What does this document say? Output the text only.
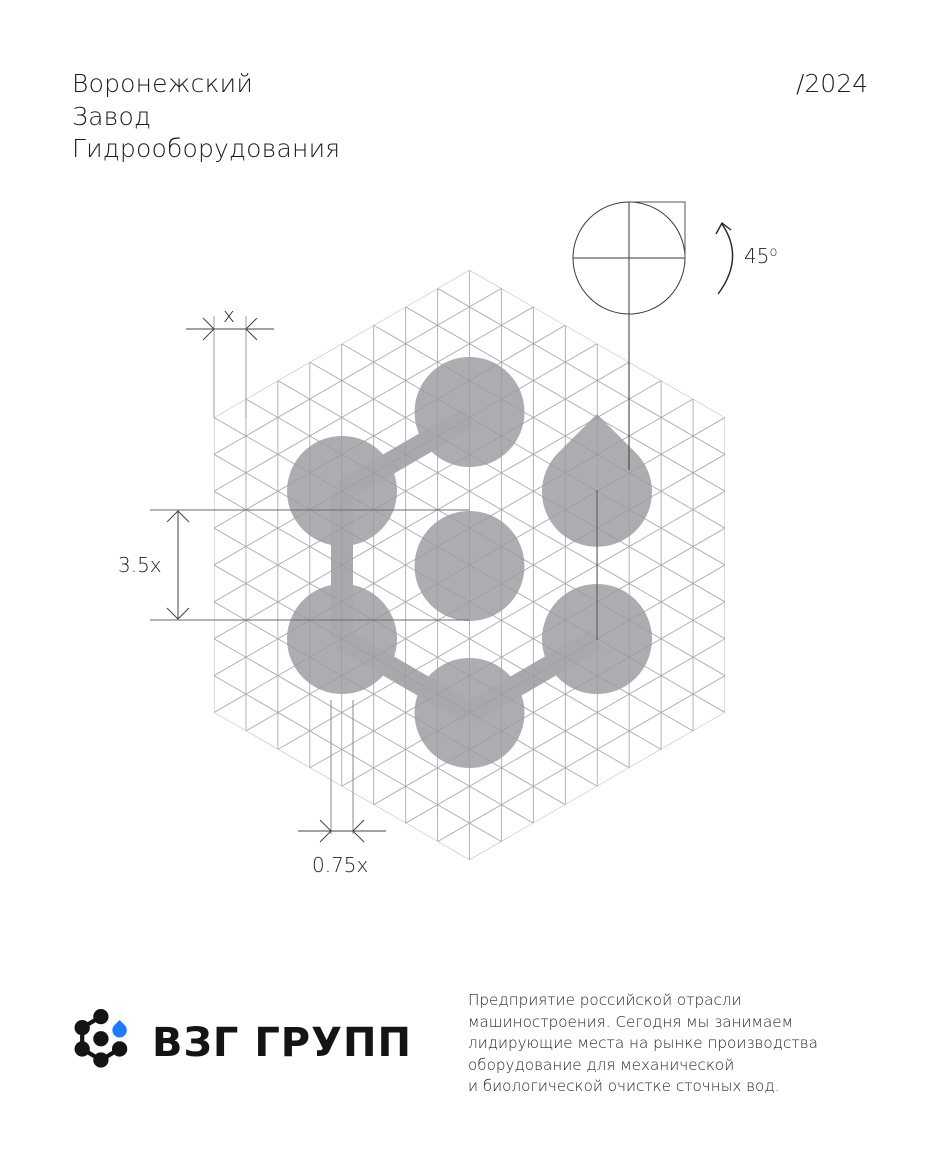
Воронежский
Завод
Гидрооборудования
/2024
45$^o$
x
3.5x
0.75x
ВЗГ ГРУПП
Предприятие российской отрасли
машиностроения. Сегодня мы занимаем
лидирующие места на рынке производства
оборудование для механической
и биологической очистке сточных вод.
